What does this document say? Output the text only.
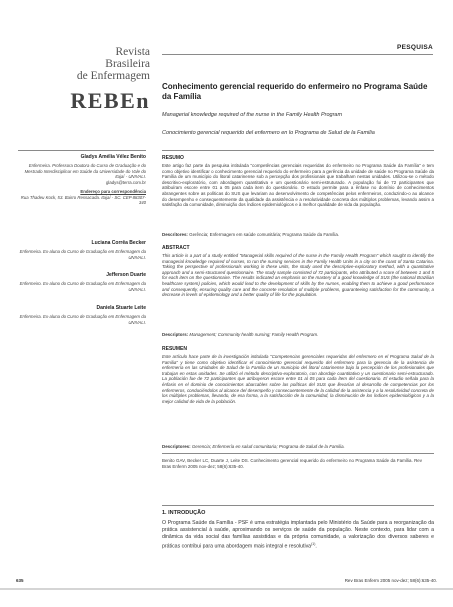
Revista
Brasileira
de Enfermagem
REBEn
PESQUISA
Conhecimento gerencial requerido do enfermeiro no Programa Saúde da Família
Managerial knowledge required of the nurse in the Family Health Program
Conocimiento gerencial requerido del enfermero en lo Programa de Salud de la Familia
Gladys Amélia Vélez Benito
Enfermeira. Professora Doutora do Curso de Graduação e do Mestrado Interdisciplinar em Saúde da Universidade do Vale do Itajaí - UNIVALI.
gladys@terra.com.br
Endereço para correspondência
Rua Thadeu Kock, 53. Bairro Ressacada. Itajaí - SC. CEP 88307-340
Luciana Corrêa Becker
Enfermeira. Ex-aluna do Curso de Graduação em Enfermagem da UNIVALI.
Jefferson Duarte
Enfermeiro. Ex-aluno do Curso de Graduação em Enfermagem da UNIVALI.
Daniela Stuarte Leite
Enfermeira. Ex-aluna do Curso de Graduação em Enfermagem da UNIVALI.
RESUMO
Este artigo faz parte da pesquisa intitulada "competências gerenciais requeridas do enfermeiro no Programa Saúde da Família" e tem como objetivo identificar o conhecimento gerencial requerido do enfermeiro para a gerência da unidade de saúde no Programa Saúde da Família de um município do litoral catarinense sob a percepção dos profissionais que trabalham nestas unidades. Utilizou-se o método descritivo-exploratório, com abordagem quantitativa e um questionário semi-estruturado. A população foi de 72 participantes que atribuíram escore entre 01 a 05 para cada item do questionário. O estudo permite para a ênfase no domínio de conhecimentos abrangentes sobre as políticas do SUS que levariam ao desenvolvimento de competências pelos enfermeiros, conduzindo-o ao alcance do desempenho e consequentemente da qualidade da assistência e a resolutividade concreta dos múltiplos problemas, levando assim a satisfação da comunidade, diminuição dos índices epidemiológicos e à melhor qualidade de vida da população.
Descritores: Gerência; Enfermagem em saúde comunitária; Programa Saúde da Família.
ABSTRACT
This article is a part of a study entitled "Managerial skills required of the nurse in the Family Health Program" which sought to identify the managerial knowledge required of nurses, to run the nursing services in the Family Health Units in a city on the coast of Santa Catarina. Taking the perspective of professionals working in these units, the study used the descriptive-exploratory method, with a quantitative approach and a semi-structured questionnaire. The study sample consisted of 72 participants, who attributed a score of between 1 and 5 for each item on the questionnaire. The results indicated an emphasis on the mastery of a good knowledge of SUS (the national Brazilian healthcare system) policies, which would lead to the development of skills by the nurses, enabling them to achieve a good performance and consequently, ensuring quality care and the concrete resolution of multiple problems, guaranteeing satisfaction for the community, a decrease in levels of epidemiology and a better quality of life for the population.
Descriptors: Management; Community health nursing; Family Health Program.
RESUMEN
Este artículo hace parte de la investigación intitulada "Competencias gerenciales requeridas del enfermero en el Programa Salud de la Familia" y tiene como objetivo identificar el conocimiento gerencial requerido del enfermero para la gerencia de la asistencia de enfermería en las Unidades de Salud de la Familia de un municipio del litoral catarinense bajo la percepción de los profesionales que trabajan en estas unidades. Se utilizó el método descriptivo-exploratorio, con abordaje cuantitativo y un cuestionario semi-estructurado. La población fue de 72 participantes que atribuyeron escore entre 01 al 05 para cada ítem del cuestionario. El estudio señala para la énfasis en el dominio de conocimientos abarcables sobre las políticas del SUS que llevarían al desarrollo de competencias por los enfermeros, conduciéndolos al alcance del desempeño y consecuentemente de la calidad de la asistencia y a la resolutividad concreta de los múltiples problemas, llevando, de esa forma, a la satisfacción de la comunidad, la disminución de los índices epidemiológicos y a la mejor calidad de vida de la población.
Descriptores: Gerencia; Enfermería en salud comunitaria; Programa de Salud de la Familia.
Benito GAV, Becker LC, Duarte J, Leite DS. Conhecimento gerencial requerido do enfermeiro no Programa Saúde da Família. Rev Bras Enferm 2005 nov-dez; 58(6):635-40.
1. INTRODUÇÃO
O Programa Saúde da Família - PSF é uma estratégia implantada pelo Ministério da Saúde para a reorganização da prática assistencial à saúde, aproximando os serviços de saúde da população. Neste contexto, para lidar com a dinâmica da vida social das famílias assistidas e da própria comunidade, a valorização dos diversos saberes e práticas contribui para uma abordagem mais integral e resolutiva$^{(1)}$.
635	Rev Bras Enferm 2005 nov-dez; 58(6):635-40.
